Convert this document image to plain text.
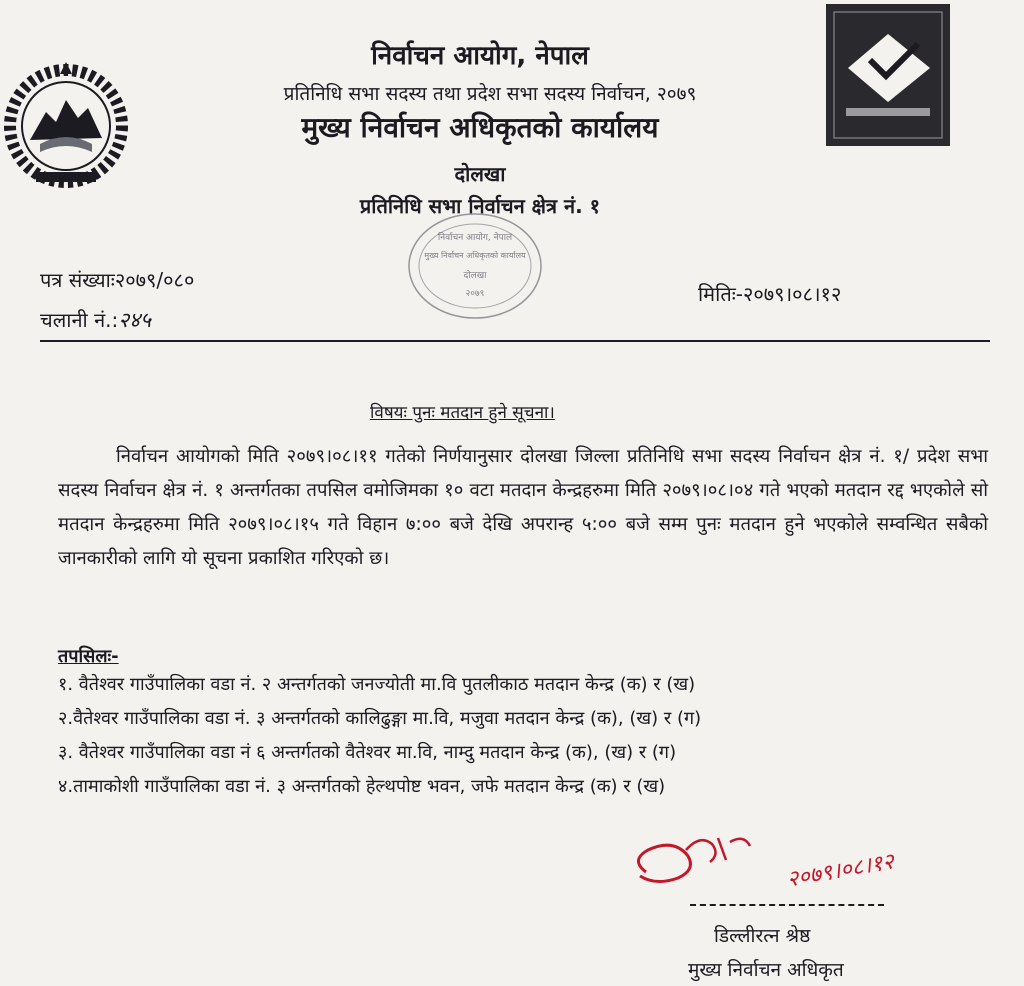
निर्वाचन आयोग, नेपाल
प्रतिनिधि सभा सदस्य तथा प्रदेश सभा सदस्य निर्वाचन, २०७९
मुख्य निर्वाचन अधिकृतको कार्यालय
दोलखा
प्रतिनिधि सभा निर्वाचन क्षेत्र नं. १
निर्वाचन आयोग, नेपाल
मुख्य निर्वाचन अधिकृतको कार्यालय
दोलखा
२०७९
पत्र संख्याः२०७९/०८०
चलानी नं.:२४५
मितिः-२०७९।०८।१२
विषयः पुनः मतदान हुने सूचना।

निर्वाचन आयोगको मिति २०७९।०८।११ गतेको निर्णयानुसार दोलखा जिल्ला प्रतिनिधि सभा सदस्य निर्वाचन क्षेत्र नं. १/ प्रदेश सभा सदस्य निर्वाचन क्षेत्र नं. १ अन्तर्गतका तपसिल वमोजिमका १० वटा मतदान केन्द्रहरुमा मिति २०७९।०८।०४ गते भएको मतदान रद्द भएकोले सो मतदान केन्द्रहरुमा मिति २०७९।०८।१५ गते विहान ७:०० बजे देखि अपरान्ह ५:०० बजे सम्म पुनः मतदान हुने भएकोले सम्वन्धित सबैको जानकारीको लागि यो सूचना प्रकाशित गरिएको छ।

तपसिलः-
१. वैतेश्वर गाउँपालिका वडा नं. २ अन्तर्गतको जनज्योती मा.वि पुतलीकाठ मतदान केन्द्र (क) र (ख)
२.वैतेश्वर गाउँपालिका वडा नं. ३ अन्तर्गतको कालिढुङ्गा मा.वि, मजुवा मतदान केन्द्र (क), (ख) र (ग)
३. वैतेश्वर गाउँपालिका वडा नं ६ अन्तर्गतको वैतेश्वर मा.वि, नाम्दु मतदान केन्द्र (क), (ख) र (ग)
४.तामाकोशी गाउँपालिका वडा नं. ३ अन्तर्गतको हेल्थपोष्ट भवन, जफे मतदान केन्द्र (क) र (ख)
२०७९।०८।१२
डिल्लीरत्न श्रेष्ठ
मुख्य निर्वाचन अधिकृत
